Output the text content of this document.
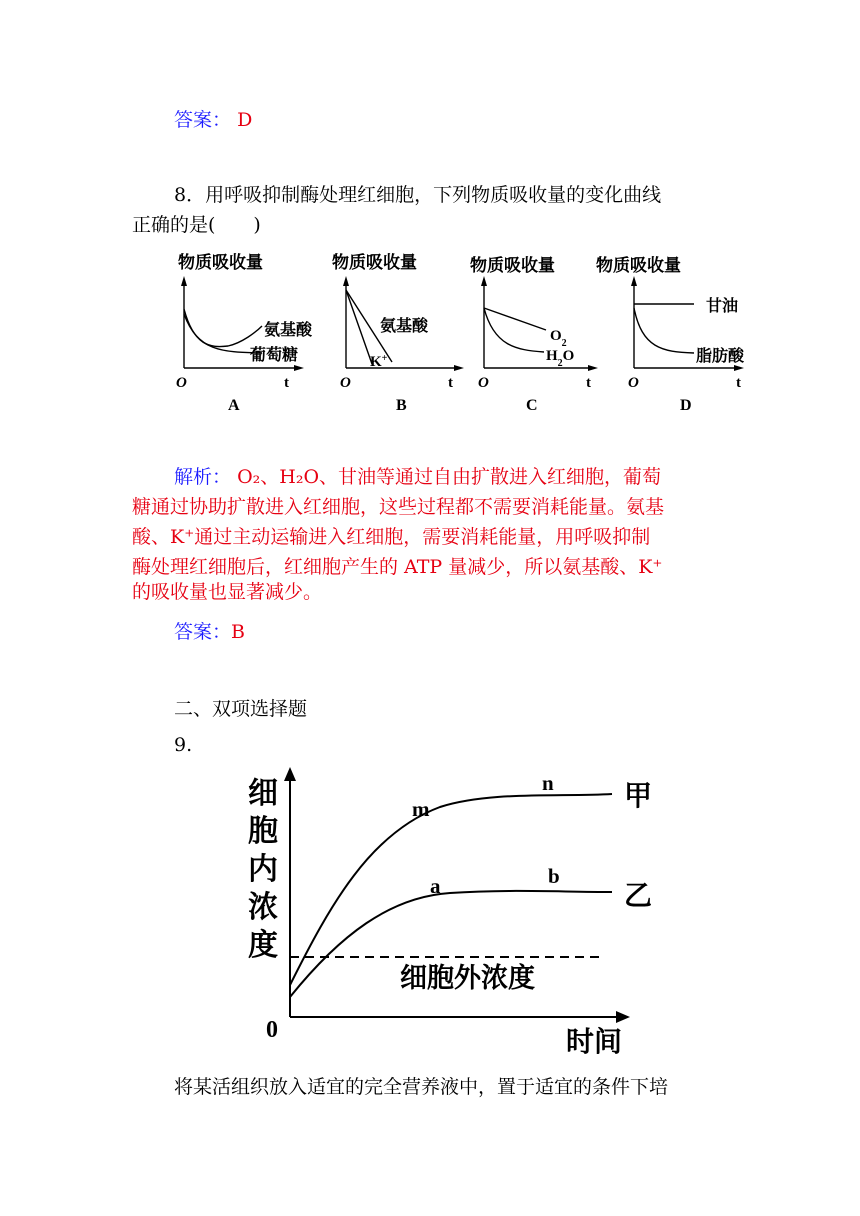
答案： D
8．用呼吸抑制酶处理红细胞，下列物质吸收量的变化曲线
正确的是(　　)
物质吸收量
氨基酸
葡萄糖
O	t
A
物质吸收量
氨基酸
K+
O	t
B
物质吸收量
$O_2$
$H_2O$
O	t
C
物质吸收量
甘油
脂肪酸
O	t
D
解析： O₂、H₂O、甘油等通过自由扩散进入红细胞，葡萄
糖通过协助扩散进入红细胞，这些过程都不需要消耗能量。氨基
酸、K⁺通过主动运输进入红细胞，需要消耗能量，用呼吸抑制
酶处理红细胞后，红细胞产生的 ATP 量减少，所以氨基酸、K⁺
的吸收量也显著减少。
答案：B
二、双项选择题
9.
细
胞
内
浓
度
m
n
a	b
甲
乙
细胞外浓度
0	时间
将某活组织放入适宜的完全营养液中，置于适宜的条件下培
